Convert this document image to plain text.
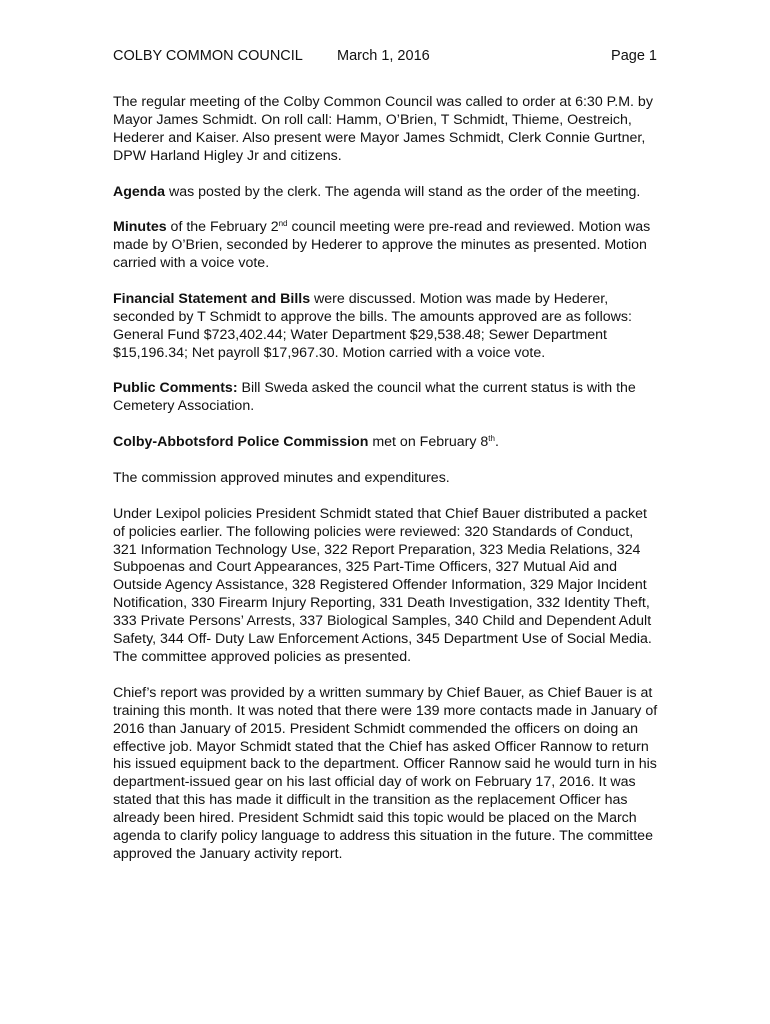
COLBY COMMON COUNCIL March 1, 2016	Page 1

The regular meeting of the Colby Common Council was called to order at 6:30 P.M. by Mayor James Schmidt. On roll call: Hamm, O’Brien, T Schmidt, Thieme, Oestreich, Hederer and Kaiser. Also present were Mayor James Schmidt, Clerk Connie Gurtner, DPW Harland Higley Jr and citizens.

Agenda was posted by the clerk. The agenda will stand as the order of the meeting.

Minutes of the February 2nd council meeting were pre-read and reviewed. Motion was made by O’Brien, seconded by Hederer to approve the minutes as presented. Motion carried with a voice vote.

Financial Statement and Bills were discussed. Motion was made by Hederer, seconded by T Schmidt to approve the bills. The amounts approved are as follows: General Fund $723,402.44; Water Department $29,538.48; Sewer Department $15,196.34; Net payroll $17,967.30. Motion carried with a voice vote.

Public Comments: Bill Sweda asked the council what the current status is with the Cemetery Association.

Colby-Abbotsford Police Commission met on February 8th.

The commission approved minutes and expenditures.

Under Lexipol policies President Schmidt stated that Chief Bauer distributed a packet of policies earlier. The following policies were reviewed: 320 Standards of Conduct, 321 Information Technology Use, 322 Report Preparation, 323 Media Relations, 324 Subpoenas and Court Appearances, 325 Part-Time Officers, 327 Mutual Aid and Outside Agency Assistance, 328 Registered Offender Information, 329 Major Incident Notification, 330 Firearm Injury Reporting, 331 Death Investigation, 332 Identity Theft, 333 Private Persons’ Arrests, 337 Biological Samples, 340 Child and Dependent Adult Safety, 344 Off- Duty Law Enforcement Actions, 345 Department Use of Social Media. The committee approved policies as presented.

Chief’s report was provided by a written summary by Chief Bauer, as Chief Bauer is at training this month. It was noted that there were 139 more contacts made in January of 2016 than January of 2015. President Schmidt commended the officers on doing an effective job. Mayor Schmidt stated that the Chief has asked Officer Rannow to return his issued equipment back to the department. Officer Rannow said he would turn in his department-issued gear on his last official day of work on February 17, 2016. It was stated that this has made it difficult in the transition as the replacement Officer has already been hired. President Schmidt said this topic would be placed on the March agenda to clarify policy language to address this situation in the future. The committee approved the January activity report.
